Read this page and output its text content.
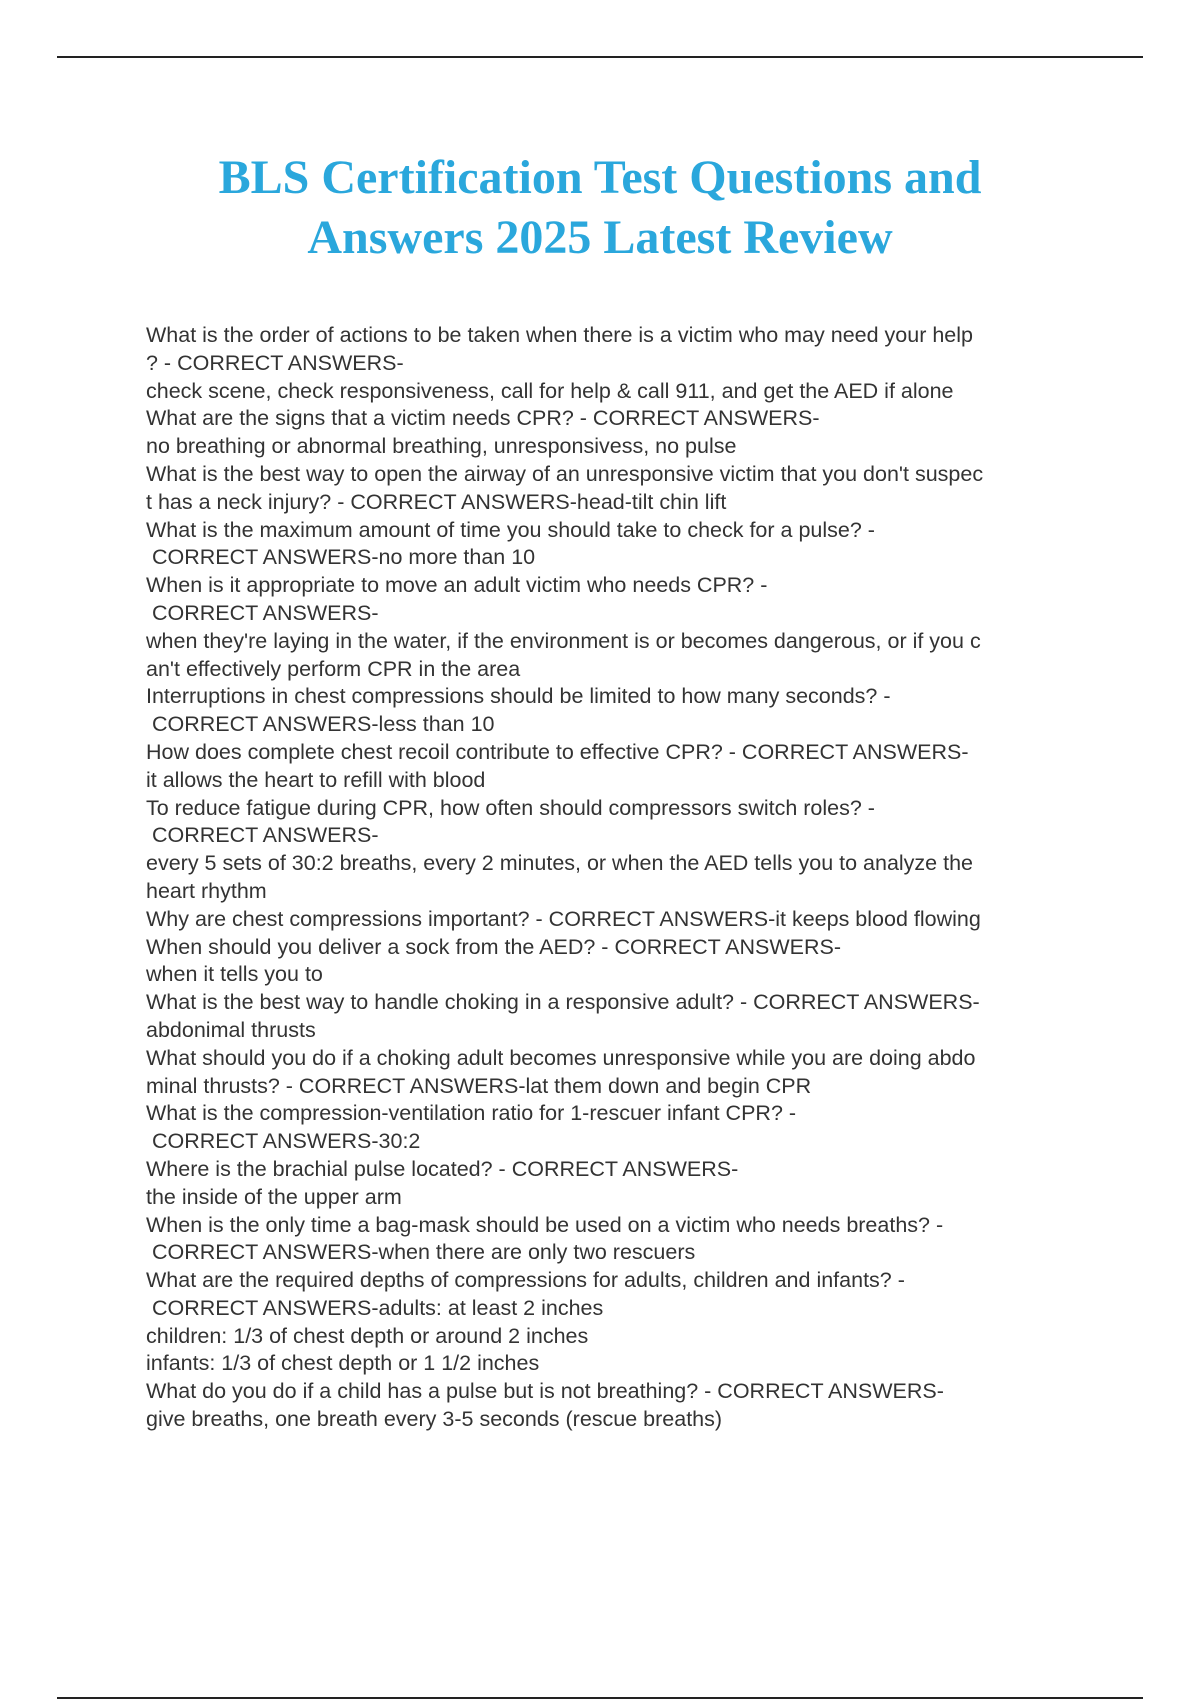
BLS Certification Test Questions and
Answers 2025 Latest Review
What is the order of actions to be taken when there is a victim who may need your help
? - CORRECT ANSWERS-
check scene, check responsiveness, call for help & call 911, and get the AED if alone
What are the signs that a victim needs CPR? - CORRECT ANSWERS-
no breathing or abnormal breathing, unresponsivess, no pulse
What is the best way to open the airway of an unresponsive victim that you don't suspec
t has a neck injury? - CORRECT ANSWERS-head-tilt chin lift
What is the maximum amount of time you should take to check for a pulse? -
CORRECT ANSWERS-no more than 10
When is it appropriate to move an adult victim who needs CPR? -
CORRECT ANSWERS-
when they're laying in the water, if the environment is or becomes dangerous, or if you c
an't effectively perform CPR in the area
Interruptions in chest compressions should be limited to how many seconds? -
CORRECT ANSWERS-less than 10
How does complete chest recoil contribute to effective CPR? - CORRECT ANSWERS-
it allows the heart to refill with blood
To reduce fatigue during CPR, how often should compressors switch roles? -
CORRECT ANSWERS-
every 5 sets of 30:2 breaths, every 2 minutes, or when the AED tells you to analyze the
heart rhythm
Why are chest compressions important? - CORRECT ANSWERS-it keeps blood flowing
When should you deliver a sock from the AED? - CORRECT ANSWERS-
when it tells you to
What is the best way to handle choking in a responsive adult? - CORRECT ANSWERS-
abdonimal thrusts
What should you do if a choking adult becomes unresponsive while you are doing abdo
minal thrusts? - CORRECT ANSWERS-lat them down and begin CPR
What is the compression-ventilation ratio for 1-rescuer infant CPR? -
CORRECT ANSWERS-30:2
Where is the brachial pulse located? - CORRECT ANSWERS-
the inside of the upper arm
When is the only time a bag-mask should be used on a victim who needs breaths? -
CORRECT ANSWERS-when there are only two rescuers
What are the required depths of compressions for adults, children and infants? -
CORRECT ANSWERS-adults: at least 2 inches
children: 1/3 of chest depth or around 2 inches
infants: 1/3 of chest depth or 1 1/2 inches
What do you do if a child has a pulse but is not breathing? - CORRECT ANSWERS-
give breaths, one breath every 3-5 seconds (rescue breaths)
